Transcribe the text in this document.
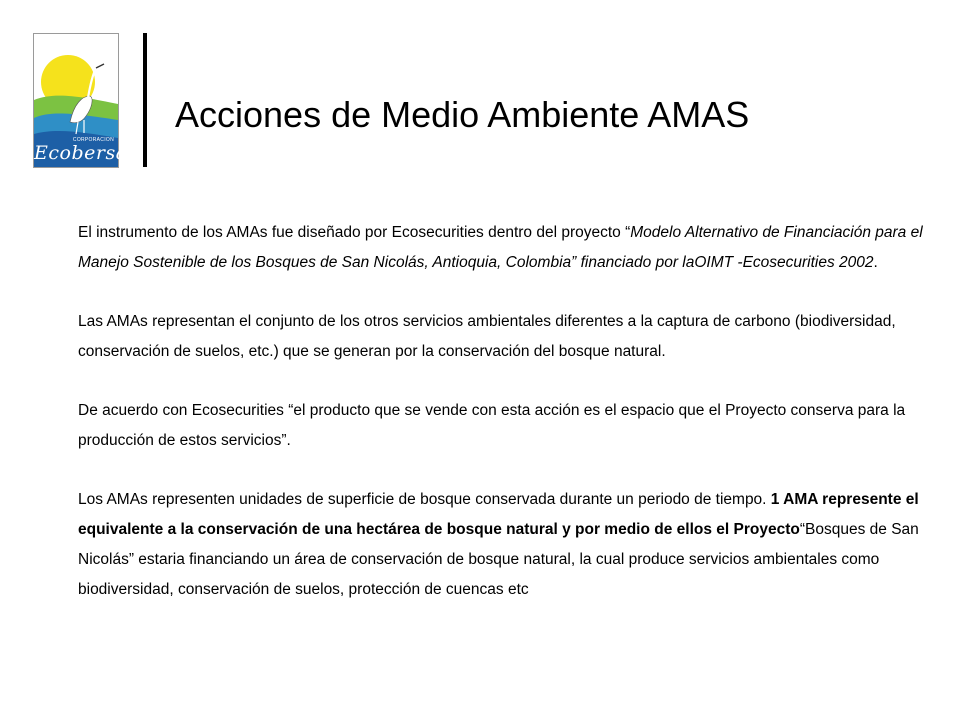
CORPORACION
Ecobersa
Acciones de Medio Ambiente AMAS

El instrumento de los AMAs fue diseñado por Ecosecurities dentro del proyecto “Modelo Alternativo de Financiación para el Manejo Sostenible de los Bosques de San Nicolás, Antioquia, Colombia” financiado por laOIMT -Ecosecurities 2002.

Las AMAs representan el conjunto de los otros servicios ambientales diferentes a la captura de carbono (biodiversidad, conservación de suelos, etc.) que se generan por la conservación del bosque natural.

De acuerdo con Ecosecurities “el producto que se vende con esta acción es el espacio que el Proyecto conserva para la producción de estos servicios”.

Los AMAs representen unidades de superficie de bosque conservada durante un periodo de tiempo. 1 AMA represente el equivalente a la conservación de una hectárea de bosque natural y por medio de ellos el Proyecto“Bosques de San Nicolás” estaria financiando un área de conservación de bosque natural, la cual produce servicios ambientales como biodiversidad, conservación de suelos, protección de cuencas etc
